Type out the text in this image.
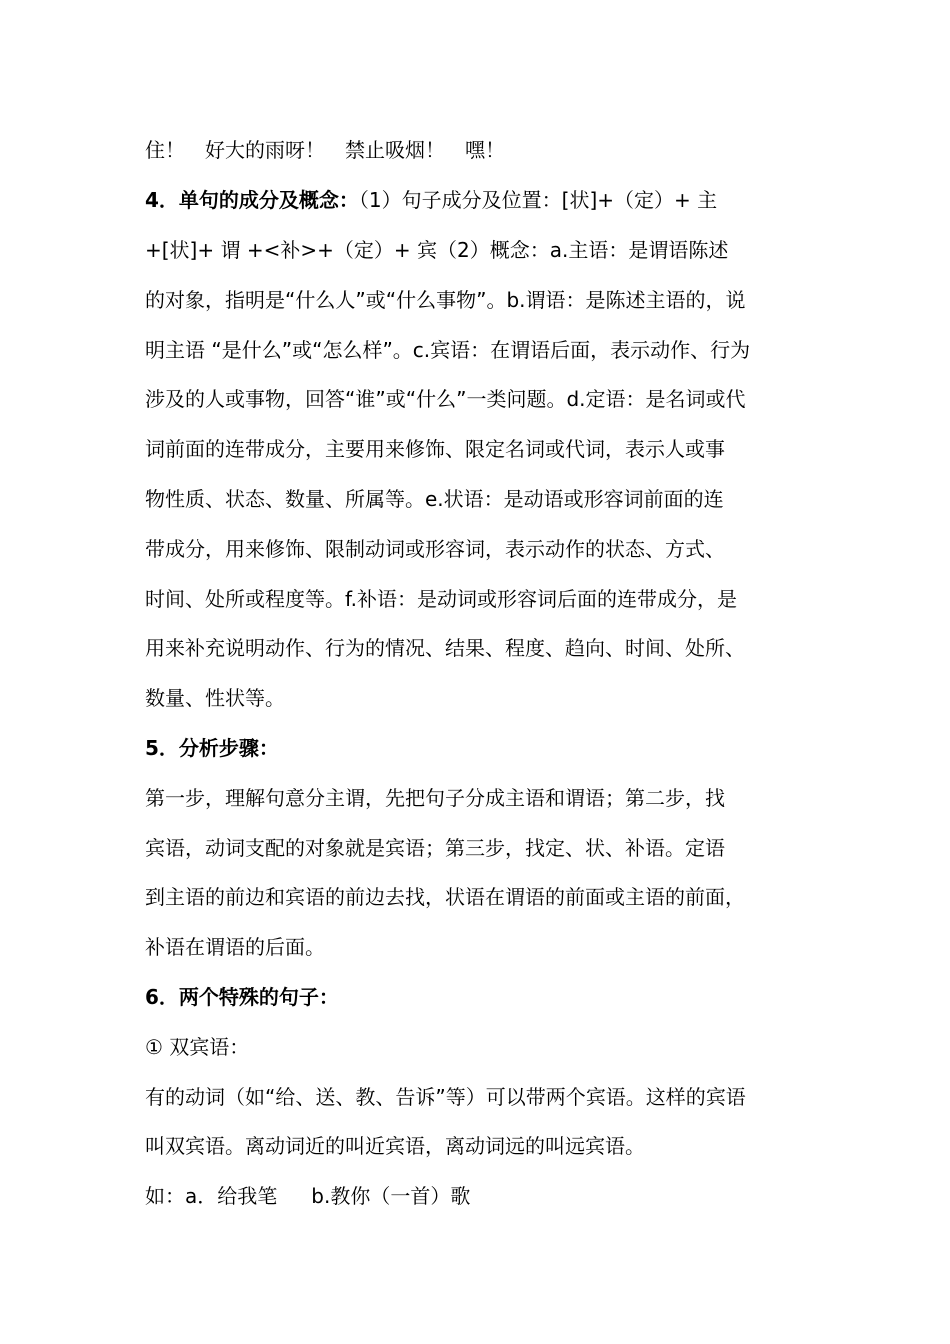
住！　好大的雨呀！　禁止吸烟！　嘿！
4．单句的成分及概念：（1）句子成分及位置：[状]+（定）+ 主
+[状]+ 谓 +<补>+（定）+ 宾（2）概念：a.主语：是谓语陈述
的对象，指明是“什么人”或“什么事物”。b.谓语：是陈述主语的，说
明主语 “是什么”或“怎么样”。c.宾语：在谓语后面，表示动作、行为
涉及的人或事物，回答“谁”或“什么”一类问题。d.定语：是名词或代
词前面的连带成分，主要用来修饰、限定名词或代词，表示人或事
物性质、状态、数量、所属等。e.状语：是动语或形容词前面的连
带成分，用来修饰、限制动词或形容词，表示动作的状态、方式、
时间、处所或程度等。f.补语：是动词或形容词后面的连带成分，是
用来补充说明动作、行为的情况、结果、程度、趋向、时间、处所、
数量、性状等。
5．分析步骤：
第一步，理解句意分主谓，先把句子分成主语和谓语；第二步，找
宾语，动词支配的对象就是宾语；第三步，找定、状、补语。定语
到主语的前边和宾语的前边去找，状语在谓语的前面或主语的前面，
补语在谓语的后面。
6．两个特殊的句子：
① 双宾语：
有的动词（如“给、送、教、告诉”等）可以带两个宾语。这样的宾语
叫双宾语。离动词近的叫近宾语，离动词远的叫远宾语。
如：a．给我笔 b.教你（一首）歌
